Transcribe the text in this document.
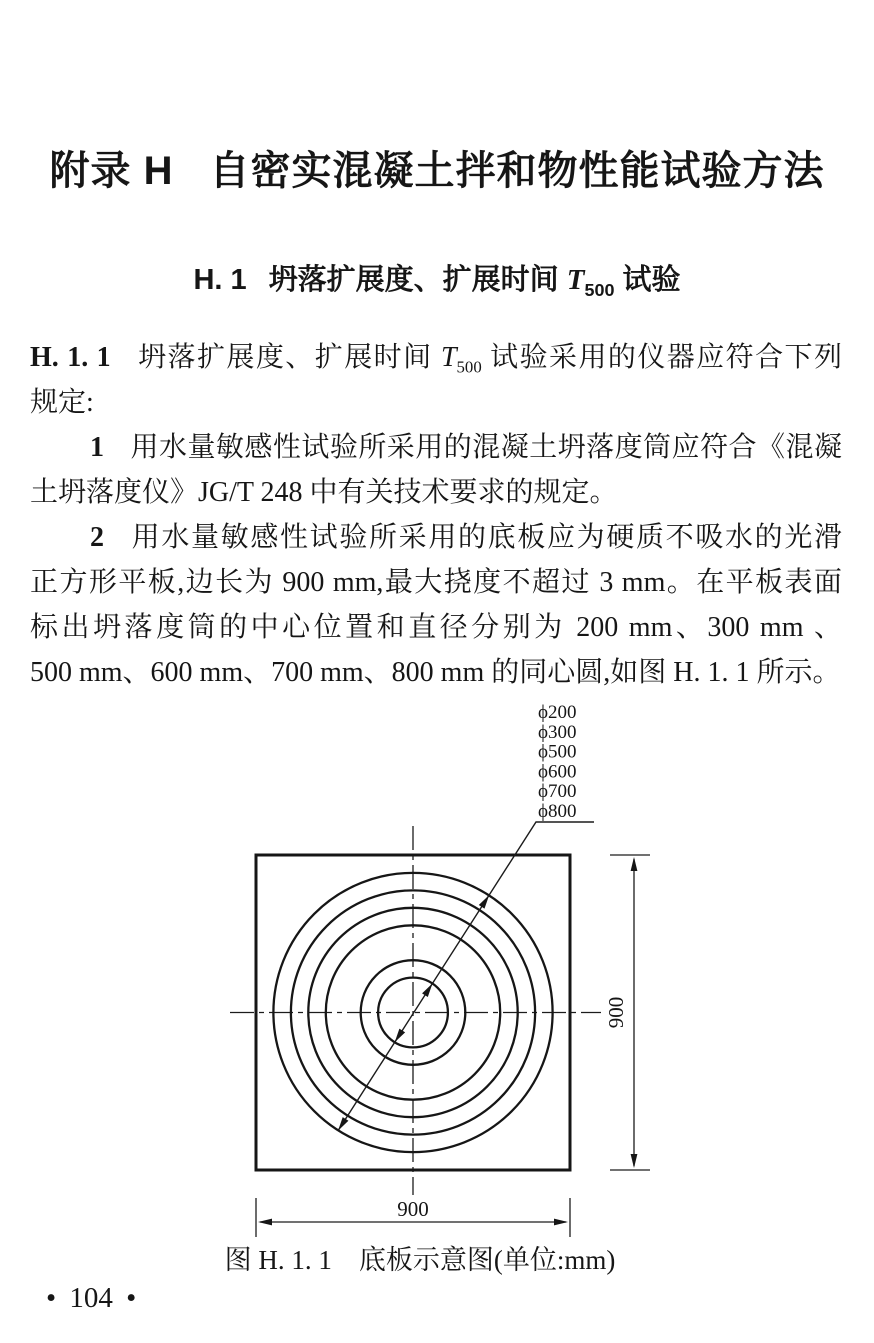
附录 H 自密实混凝土拌和物性能试验方法
H. 1 坍落扩展度、扩展时间 $T_{500}$ 试验
H. 1. 1 坍落扩展度、扩展时间 $T_{500}$ 试验采用的仪器应符合下列
规定:
1 用水量敏感性试验所采用的混凝土坍落度筒应符合《混凝
土坍落度仪》JG/T 248 中有关技术要求的规定。
2 用水量敏感性试验所采用的底板应为硬质不吸水的光滑
正方形平板,边长为 900 mm,最大挠度不超过 3 mm。在平板表面
标出坍落度筒的中心位置和直径分别为 200 mm、300 mm 、
500 mm、600 mm、700 mm、800 mm 的同心圆,如图 H. 1. 1 所示。
ϕ200
ϕ300
ϕ500
ϕ600
ϕ700
ϕ800
900
900
图 H. 1. 1　底板示意图(单位:mm)
• 104 •
